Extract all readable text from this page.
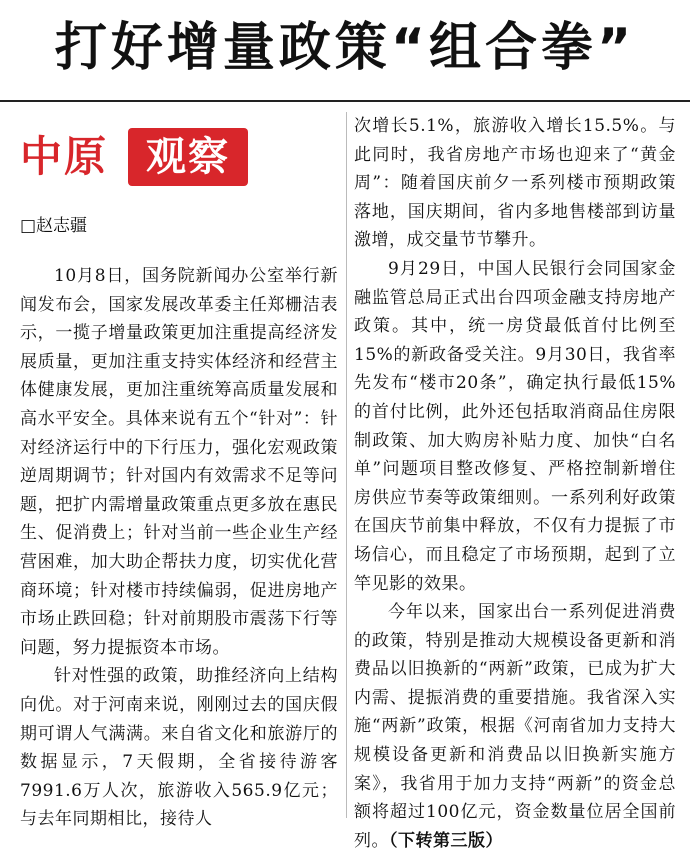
打好增量政策“组合拳”
中原 观察
□赵志疆

10月8日，国务院新闻办公室举行新闻发布会，国家发展改革委主任郑栅洁表示，一揽子增量政策更加注重提高经济发展质量，更加注重支持实体经济和经营主体健康发展，更加注重统筹高质量发展和高水平安全。具体来说有五个“针对”：针对经济运行中的下行压力，强化宏观政策逆周期调节；针对国内有效需求不足等问题，把扩内需增量政策重点更多放在惠民生、促消费上；针对当前一些企业生产经营困难，加大助企帮扶力度，切实优化营商环境；针对楼市持续偏弱，促进房地产市场止跌回稳；针对前期股市震荡下行等问题，努力提振资本市场。

针对性强的政策，助推经济向上结构向优。对于河南来说，刚刚过去的国庆假期可谓人气满满。来自省文化和旅游厅的数据显示，7天假期，全省接待游客7991.6万人次，旅游收入565.9亿元；与去年同期相比，接待人

次增长5.1%，旅游收入增长15.5%。与此同时，我省房地产市场也迎来了“黄金周”：随着国庆前夕一系列楼市预期政策落地，国庆期间，省内多地售楼部到访量激增，成交量节节攀升。

9月29日，中国人民银行会同国家金融监管总局正式出台四项金融支持房地产政策。其中，统一房贷最低首付比例至15%的新政备受关注。9月30日，我省率先发布“楼市20条”，确定执行最低15%的首付比例，此外还包括取消商品住房限制政策、加大购房补贴力度、加快“白名单”问题项目整改修复、严格控制新增住房供应节奏等政策细则。一系列利好政策在国庆节前集中释放，不仅有力提振了市场信心，而且稳定了市场预期，起到了立竿见影的效果。

今年以来，国家出台一系列促进消费的政策，特别是推动大规模设备更新和消费品以旧换新的“两新”政策，已成为扩大内需、提振消费的重要措施。我省深入实施“两新”政策，根据《河南省加力支持大规模设备更新和消费品以旧换新实施方案》，我省用于加力支持“两新”的资金总额将超过100亿元，资金数量位居全国前列。（下转第三版）
